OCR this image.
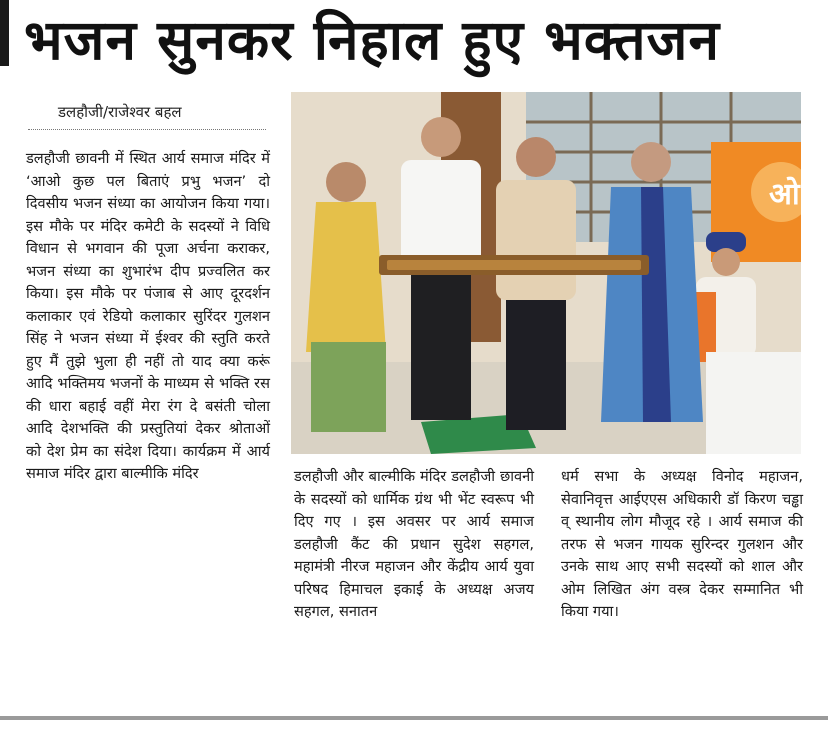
भजन सुनकर निहाल हुए भक्तजन
डलहौजी/राजेश्वर बहल
डलहौजी छावनी में स्थित आर्य समाज मंदिर में ‘आओ कुछ पल बिताएं प्रभु भजन’ दो दिवसीय भजन संध्या का आयोजन किया गया। इस मौके पर मंदिर कमेटी के सदस्यों ने विधि विधान से भगवान की पूजा अर्चना कराकर, भजन संध्या का शुभारंभ दीप प्रज्वलित कर किया। इस मौके पर पंजाब से आए दूरदर्शन कलाकार एवं रेडियो कलाकार सुरिंदर गुलशन सिंह ने भजन संध्या में ईश्वर की स्तुति करते हुए मैं तुझे भुला ही नहीं तो याद क्या करूं आदि भक्तिमय भजनों के माध्यम से भक्ति रस की धारा बहाई वहीं मेरा रंग दे बसंती चोला आदि देशभक्ति की प्रस्तुतियां देकर श्रोताओं को देश प्रेम का संदेश दिया। कार्यक्रम में आर्य समाज मंदिर द्वारा बाल्मीकि मंदिर
ओ
डलहौजी और बाल्मीकि मंदिर डलहौजी छावनी के सदस्यों को धार्मिक ग्रंथ भी भेंट स्वरूप भी दिए गए । इस अवसर पर आर्य समाज डलहौजी कैंट की प्रधान सुदेश सहगल, महामंत्री नीरज महाजन और केंद्रीय आर्य युवा परिषद हिमाचल इकाई के अध्यक्ष अजय सहगल, सनातन
धर्म सभा के अध्यक्ष विनोद महाजन, सेवानिवृत्त आईएएस अधिकारी डॉ किरण चड्ढा व् स्थानीय लोग मौजूद रहे । आर्य समाज की तरफ से भजन गायक सुरिन्दर गुलशन और उनके साथ आए सभी सदस्यों को शाल और ओम लिखित अंग वस्त्र देकर सम्मानित भी किया गया।
